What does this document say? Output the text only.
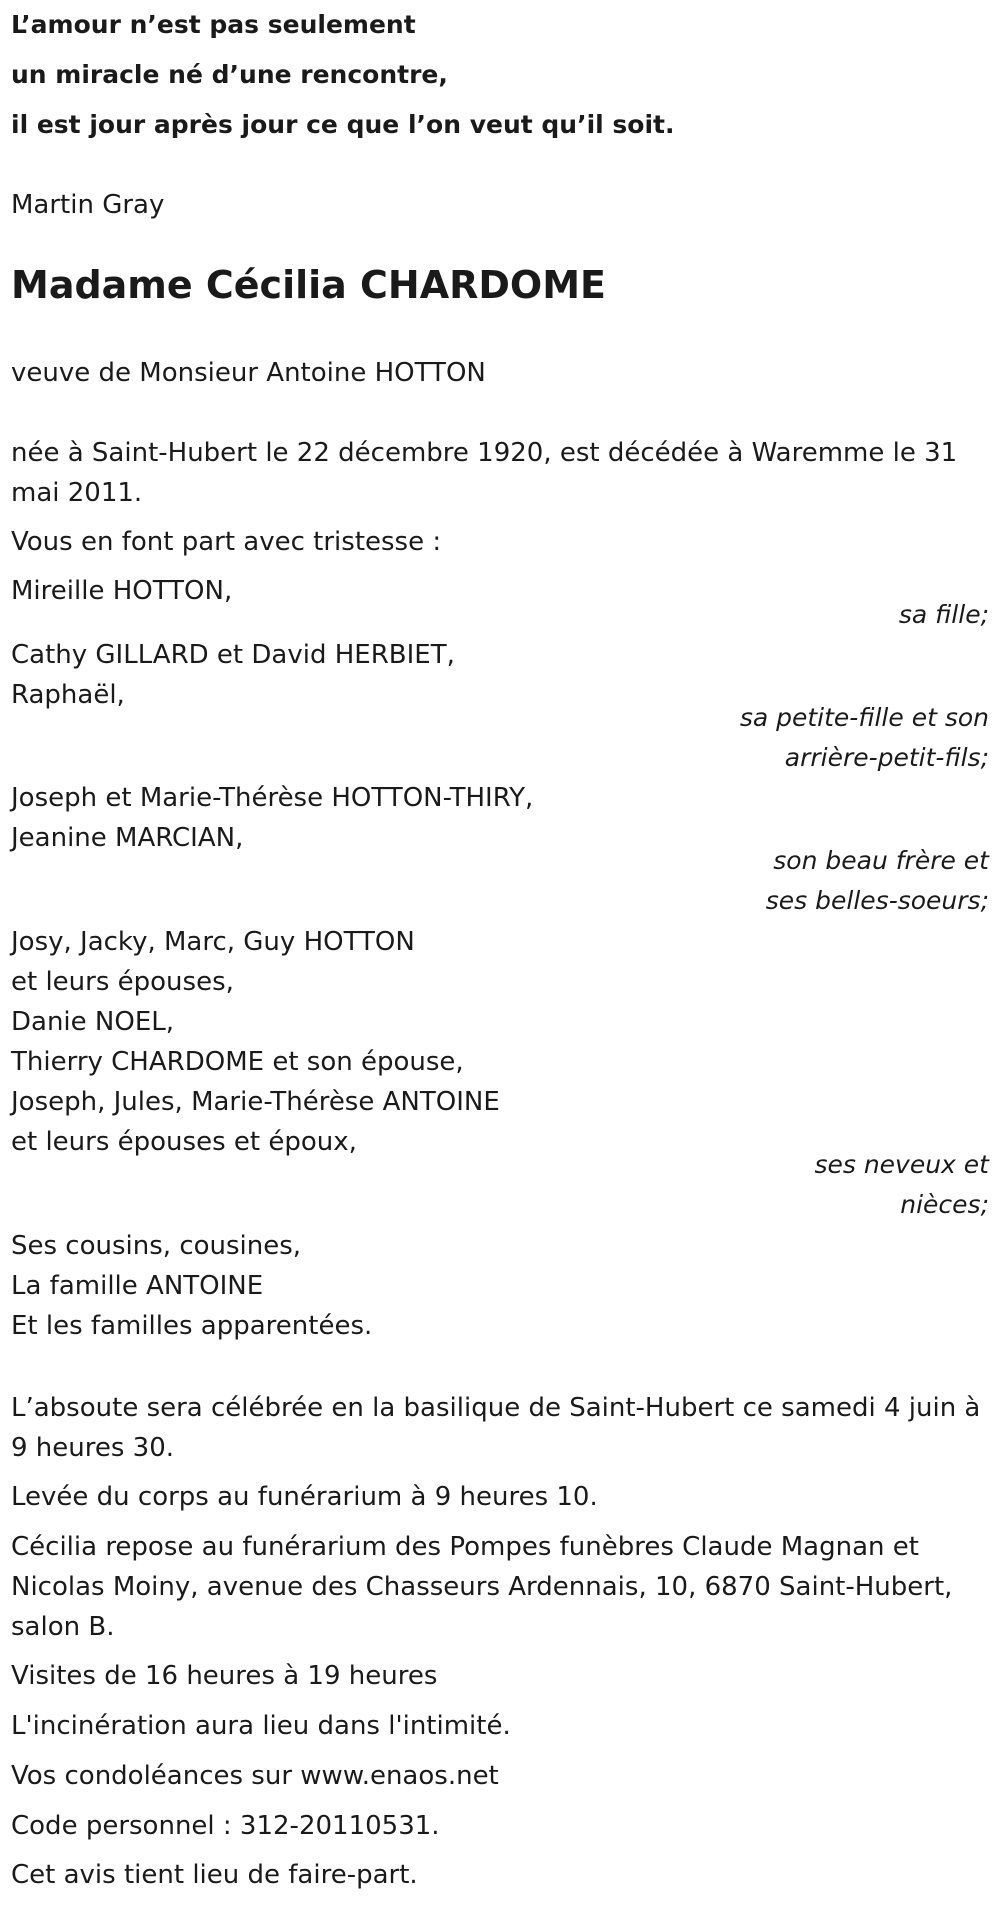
L’amour n’est pas seulement
un miracle né d’une rencontre,
il est jour après jour ce que l’on veut qu’il soit.
Martin Gray
Madame Cécilia CHARDOME
veuve de Monsieur Antoine HOTTON
née à Saint-Hubert le 22 décembre 1920, est décédée à Waremme le 31 mai 2011.
Vous en font part avec tristesse :
Mireille HOTTON,
sa fille;
Cathy GILLARD et David HERBIET,
Raphaël,
sa petite-fille et son
arrière-petit-fils;
Joseph et Marie-Thérèse HOTTON-THIRY,
Jeanine MARCIAN,
son beau frère et
ses belles-soeurs;
Josy, Jacky, Marc, Guy HOTTON
et leurs épouses,
Danie NOEL,
Thierry CHARDOME et son épouse,
Joseph, Jules, Marie-Thérèse ANTOINE
et leurs épouses et époux,
ses neveux et
nièces;
Ses cousins, cousines,
La famille ANTOINE
Et les familles apparentées.
L’absoute sera célébrée en la basilique de Saint-Hubert ce samedi 4 juin à 9 heures 30.
Levée du corps au funérarium à 9 heures 10.
Cécilia repose au funérarium des Pompes funèbres Claude Magnan et Nicolas Moiny, avenue des Chasseurs Ardennais, 10, 6870 Saint-Hubert, salon B.
Visites de 16 heures à 19 heures
L'incinération aura lieu dans l'intimité.
Vos condoléances sur www.enaos.net
Code personnel : 312-20110531.
Cet avis tient lieu de faire-part.
